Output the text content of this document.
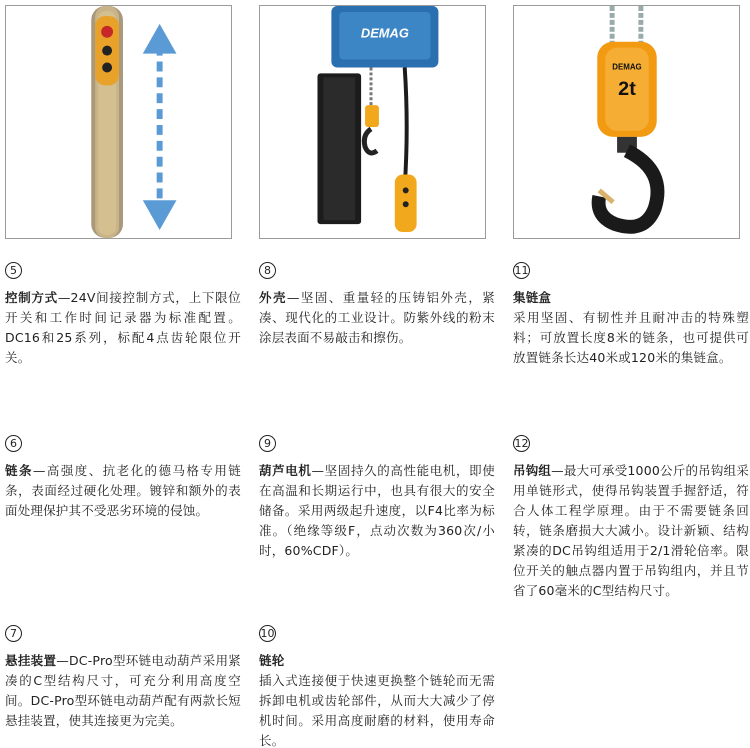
DEMAG
DEMAG
2t
5
控制方式—24V间接控制方式，上下限位开关和工作时间记录器为标准配置。DC16和25系列，标配4点齿轮限位开关。
8
外壳—坚固、重量轻的压铸铝外壳，紧凑、现代化的工业设计。防紫外线的粉末涂层表面不易敲击和擦伤。
11
集链盒
采用坚固、有韧性并且耐冲击的特殊塑料；可放置长度8米的链条，也可提供可放置链条长达40米或120米的集链盒。
6
链条—高强度、抗老化的德马格专用链条，表面经过硬化处理。镀锌和额外的表面处理保护其不受恶劣环境的侵蚀。
9
葫芦电机—坚固持久的高性能电机，即使在高温和长期运行中，也具有很大的安全储备。采用两级起升速度，以F4比率为标准。（绝缘等级F，点动次数为360次/小时，60%CDF）。
12
吊钩组—最大可承受1000公斤的吊钩组采用单链形式，使得吊钩装置手握舒适，符合人体工程学原理。由于不需要链条回转，链条磨损大大减小。设计新颖、结构紧凑的DC吊钩组适用于2/1滑轮倍率。限位开关的触点器内置于吊钩组内，并且节省了60毫米的C型结构尺寸。
7
悬挂装置—DC-Pro型环链电动葫芦采用紧凑的C型结构尺寸，可充分利用高度空间。DC-Pro型环链电动葫芦配有两款长短悬挂装置，使其连接更为完美。
10
链轮
插入式连接便于快速更换整个链轮而无需拆卸电机或齿轮部件，从而大大减少了停机时间。采用高度耐磨的材料，使用寿命长。
